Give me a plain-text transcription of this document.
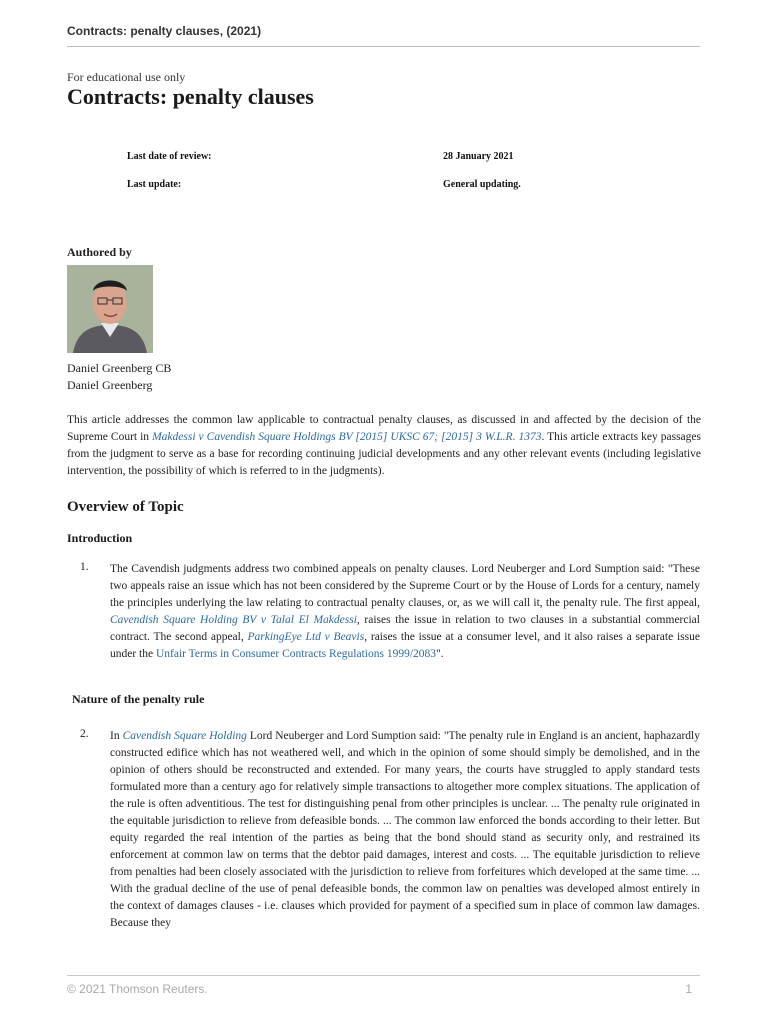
Contracts: penalty clauses, (2021)
For educational use only
Contracts: penalty clauses
Last date of review:	28 January 2021
Last update:	General updating.
Authored by
Daniel Greenberg CB
Daniel Greenberg

This article addresses the common law applicable to contractual penalty clauses, as discussed in and affected by the decision of the Supreme Court in Makdessi v Cavendish Square Holdings BV [2015] UKSC 67; [2015] 3 W.L.R. 1373. This article extracts key passages from the judgment to serve as a base for recording continuing judicial developments and any other relevant events (including legislative intervention, the possibility of which is referred to in the judgments).

Overview of Topic
Introduction
1. The Cavendish judgments address two combined appeals on penalty clauses. Lord Neuberger and Lord Sumption said: "These two appeals raise an issue which has not been considered by the Supreme Court or by the House of Lords for a century, namely the principles underlying the law relating to contractual penalty clauses, or, as we will call it, the penalty rule. The first appeal, Cavendish Square Holding BV v Talal El Makdessi, raises the issue in relation to two clauses in a substantial commercial contract. The second appeal, ParkingEye Ltd v Beavis, raises the issue at a consumer level, and it also raises a separate issue under the Unfair Terms in Consumer Contracts Regulations 1999/2083".

Nature of the penalty rule
2. In Cavendish Square Holding Lord Neuberger and Lord Sumption said: "The penalty rule in England is an ancient, haphazardly constructed edifice which has not weathered well, and which in the opinion of some should simply be demolished, and in the opinion of others should be reconstructed and extended. For many years, the courts have struggled to apply standard tests formulated more than a century ago for relatively simple transactions to altogether more complex situations. The application of the rule is often adventitious. The test for distinguishing penal from other principles is unclear. ... The penalty rule originated in the equitable jurisdiction to relieve from defeasible bonds. ... The common law enforced the bonds according to their letter. But equity regarded the real intention of the parties as being that the bond should stand as security only, and restrained its enforcement at common law on terms that the debtor paid damages, interest and costs. ... The equitable jurisdiction to relieve from penalties had been closely associated with the jurisdiction to relieve from forfeitures which developed at the same time. ... With the gradual decline of the use of penal defeasible bonds, the common law on penalties was developed almost entirely in the context of damages clauses - i.e. clauses which provided for payment of a specified sum in place of common law damages. Because they

© 2021 Thomson Reuters.	1
